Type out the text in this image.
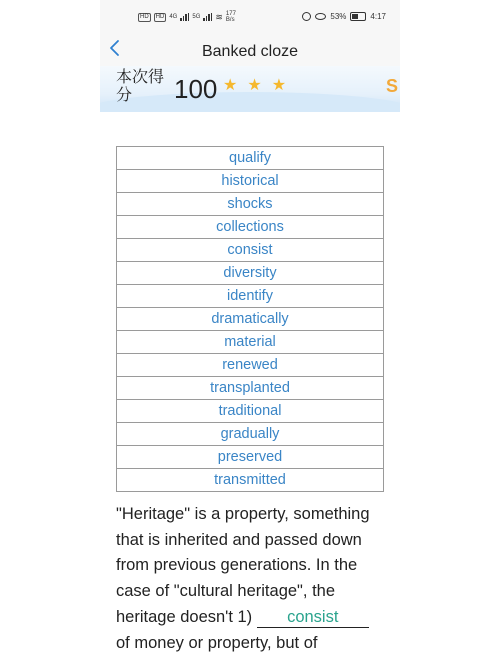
HD	HD 4G	5G ≋ 177
B/s	53%	4:17
Banked cloze
本次得分	100 ★ ★ ★	S
qualify
historical
shocks
collections
consist
diversity
identify
dramatically
material
renewed
transplanted
traditional
gradually
preserved
transmitted
"Heritage" is a property, something
that is inherited and passed down
from previous generations. In the
case of "cultural heritage", the
heritage doesn't 1) consist
of money or property, but of
